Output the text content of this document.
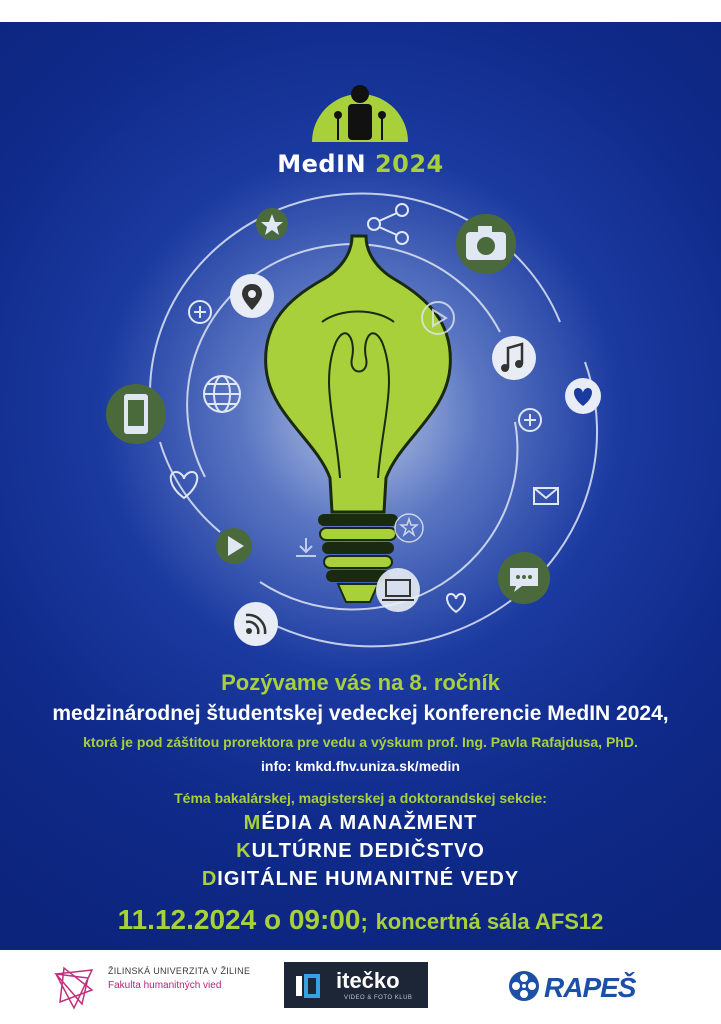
MedIN 2024

Pozývame vás na 8. ročník

medzinárodnej študentskej vedeckej konferencie MedIN 2024,

ktorá je pod záštitou prorektora pre vedu a výskum prof. Ing. Pavla Rafajdusa, PhD.

info: kmkd.fhv.uniza.sk/medin

Téma bakalárskej, magisterskej a doktorandskej sekcie:

MÉDIA A MANAŽMENT

KULTÚRNE DEDIČSTVO

DIGITÁLNE HUMANITNÉ VEDY

11.12.2024 o 09:00; koncertná sála AFS12

ŽILINSKÁ UNIVERZITA V ŽILINE
Fakulta humanitných vied	itečko
VIDEO & FOTO KLUB	RAPEŠ
